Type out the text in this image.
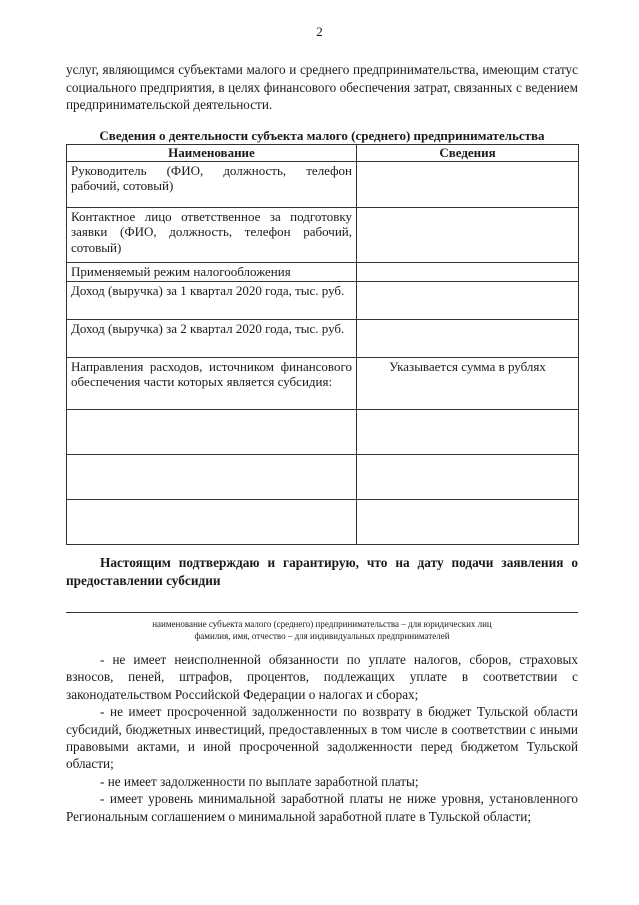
2

услуг, являющимся субъектами малого и среднего предпринимательства, имеющим статус социального предприятия, в целях финансового обеспечения затрат, связанных с ведением предпринимательской деятельности.

Сведения о деятельности субъекта малого (среднего) предпринимательства

Наименование	Сведения
Руководитель (ФИО, должность, телефон рабочий, сотовый)	
Контактное лицо ответственное за подготовку заявки (ФИО, должность, телефон рабочий, сотовый)	
Применяемый режим налогообложения	
Доход (выручка) за 1 квартал 2020 года, тыс. руб.	
Доход (выручка) за 2 квартал 2020 года, тыс. руб.	
Направления расходов, источником финансового обеспечения части которых является субсидия:	Указывается сумма в рублях

Настоящим подтверждаю и гарантирую, что на дату подачи заявления о предоставлении субсидии

наименование субъекта малого (среднего) предпринимательства – для юридических лиц
фамилия, имя, отчество – для индивидуальных предпринимателей

- не имеет неисполненной обязанности по уплате налогов, сборов, страховых взносов, пеней, штрафов, процентов, подлежащих уплате в соответствии с законодательством Российской Федерации о налогах и сборах;

- не имеет просроченной задолженности по возврату в бюджет Тульской области субсидий, бюджетных инвестиций, предоставленных в том числе в соответствии с иными правовыми актами, и иной просроченной задолженности перед бюджетом Тульской области;

- не имеет задолженности по выплате заработной платы;

- имеет уровень минимальной заработной платы не ниже уровня, установленного Региональным соглашением о минимальной заработной плате в Тульской области;
